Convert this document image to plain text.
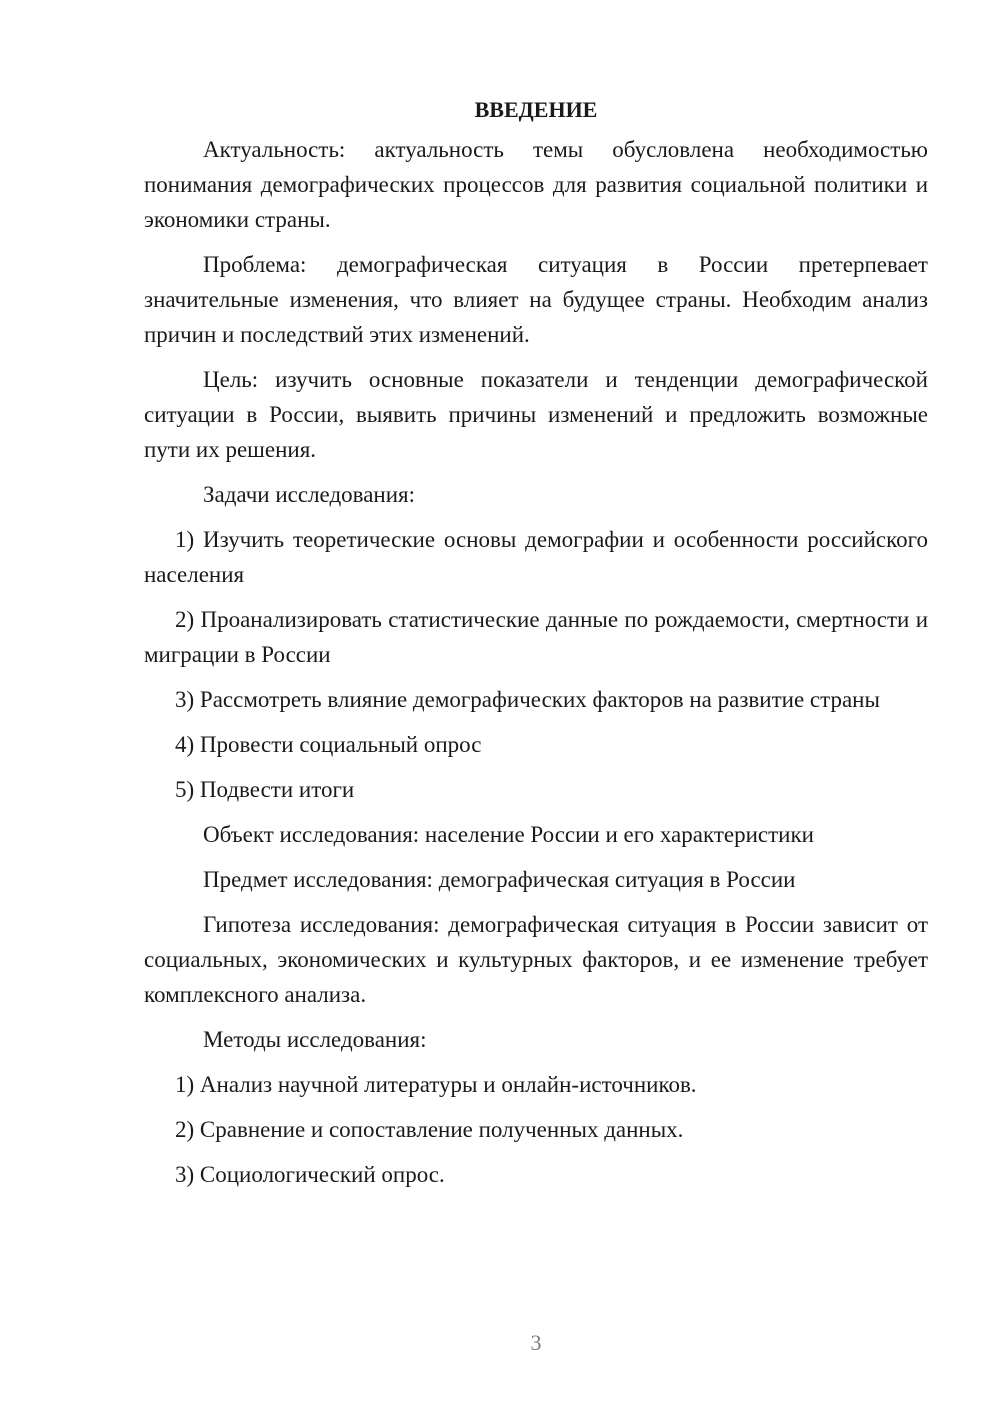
ВВЕДЕНИЕ

Актуальность: актуальность темы обусловлена необходимостью понимания демографических процессов для развития социальной политики и экономики страны.

Проблема: демографическая ситуация в России претерпевает значительные изменения, что влияет на будущее страны. Необходим анализ причин и последствий этих изменений.

Цель: изучить основные показатели и тенденции демографической ситуации в России, выявить причины изменений и предложить возможные пути их решения.

Задачи исследования:

1) Изучить теоретические основы демографии и особенности российского населения

2) Проанализировать статистические данные по рождаемости, смертности и миграции в России

3) Рассмотреть влияние демографических факторов на развитие страны

4) Провести социальный опрос

5) Подвести итоги

Объект исследования: население России и его характеристики

Предмет исследования: демографическая ситуация в России

Гипотеза исследования: демографическая ситуация в России зависит от социальных, экономических и культурных факторов, и ее изменение требует комплексного анализа.

Методы исследования:

1) Анализ научной литературы и онлайн-источников.

2) Сравнение и сопоставление полученных данных.

3) Социологический опрос.

3
